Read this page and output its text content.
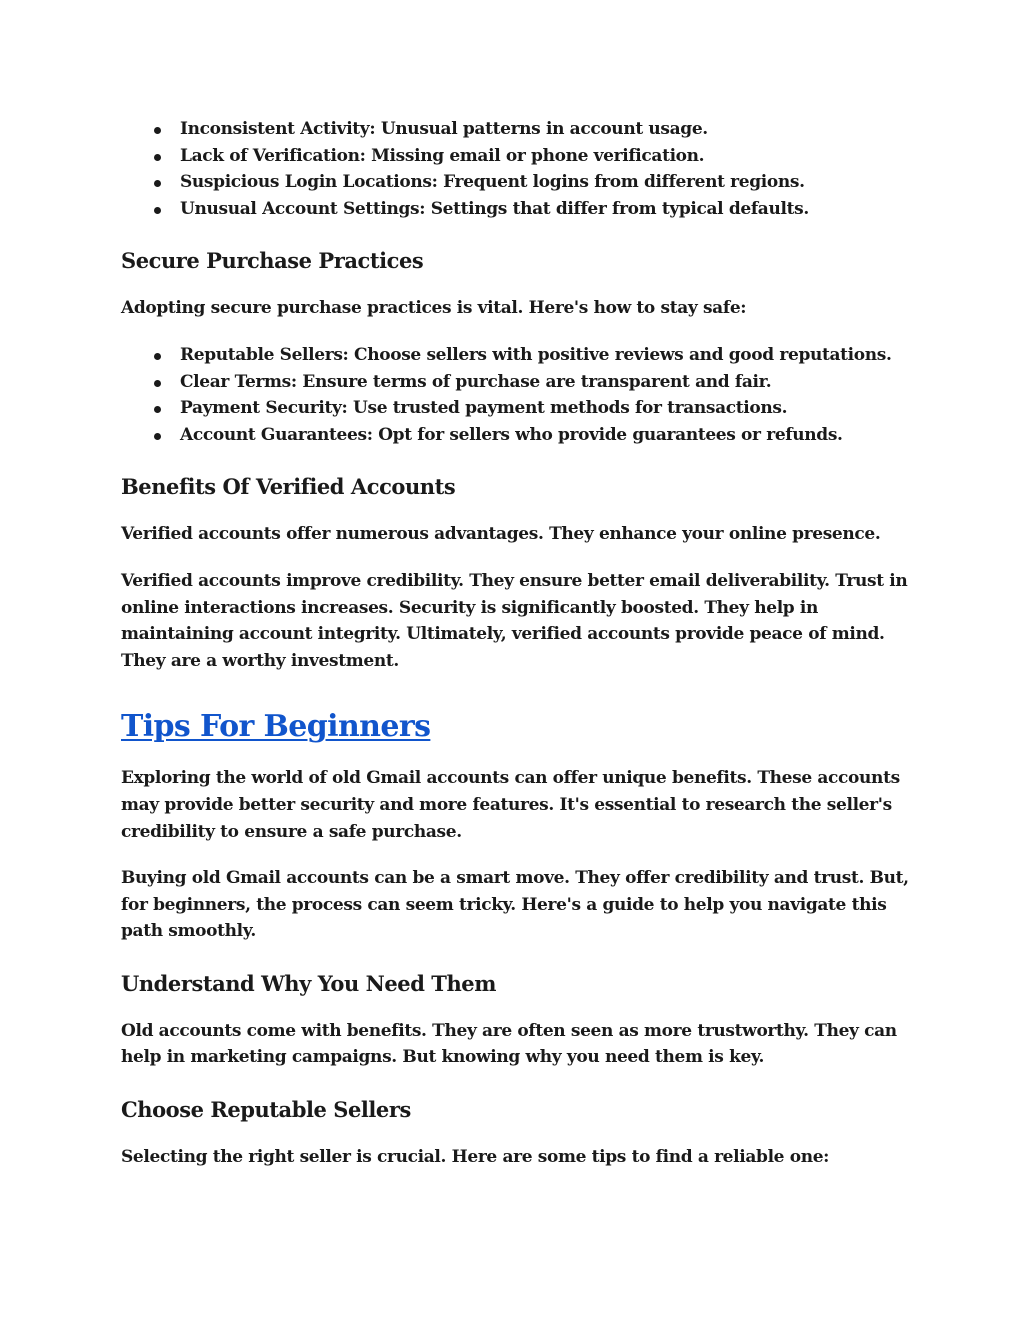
Inconsistent Activity: Unusual patterns in account usage.
Lack of Verification: Missing email or phone verification.
Suspicious Login Locations: Frequent logins from different regions.
Unusual Account Settings: Settings that differ from typical defaults.
Secure Purchase Practices

Adopting secure purchase practices is vital. Here's how to stay safe:

Reputable Sellers: Choose sellers with positive reviews and good reputations.
Clear Terms: Ensure terms of purchase are transparent and fair.
Payment Security: Use trusted payment methods for transactions.
Account Guarantees: Opt for sellers who provide guarantees or refunds.
Benefits Of Verified Accounts

Verified accounts offer numerous advantages. They enhance your online presence.

Verified accounts improve credibility. They ensure better email deliverability. Trust in online interactions increases. Security is significantly boosted. They help in maintaining account integrity. Ultimately, verified accounts provide peace of mind. They are a worthy investment.

Tips For Beginners

Exploring the world of old Gmail accounts can offer unique benefits. These accounts may provide better security and more features. It's essential to research the seller's credibility to ensure a safe purchase.

Buying old Gmail accounts can be a smart move. They offer credibility and trust. But, for beginners, the process can seem tricky. Here's a guide to help you navigate this path smoothly.

Understand Why You Need Them

Old accounts come with benefits. They are often seen as more trustworthy. They can help in marketing campaigns. But knowing why you need them is key.

Choose Reputable Sellers

Selecting the right seller is crucial. Here are some tips to find a reliable one:
